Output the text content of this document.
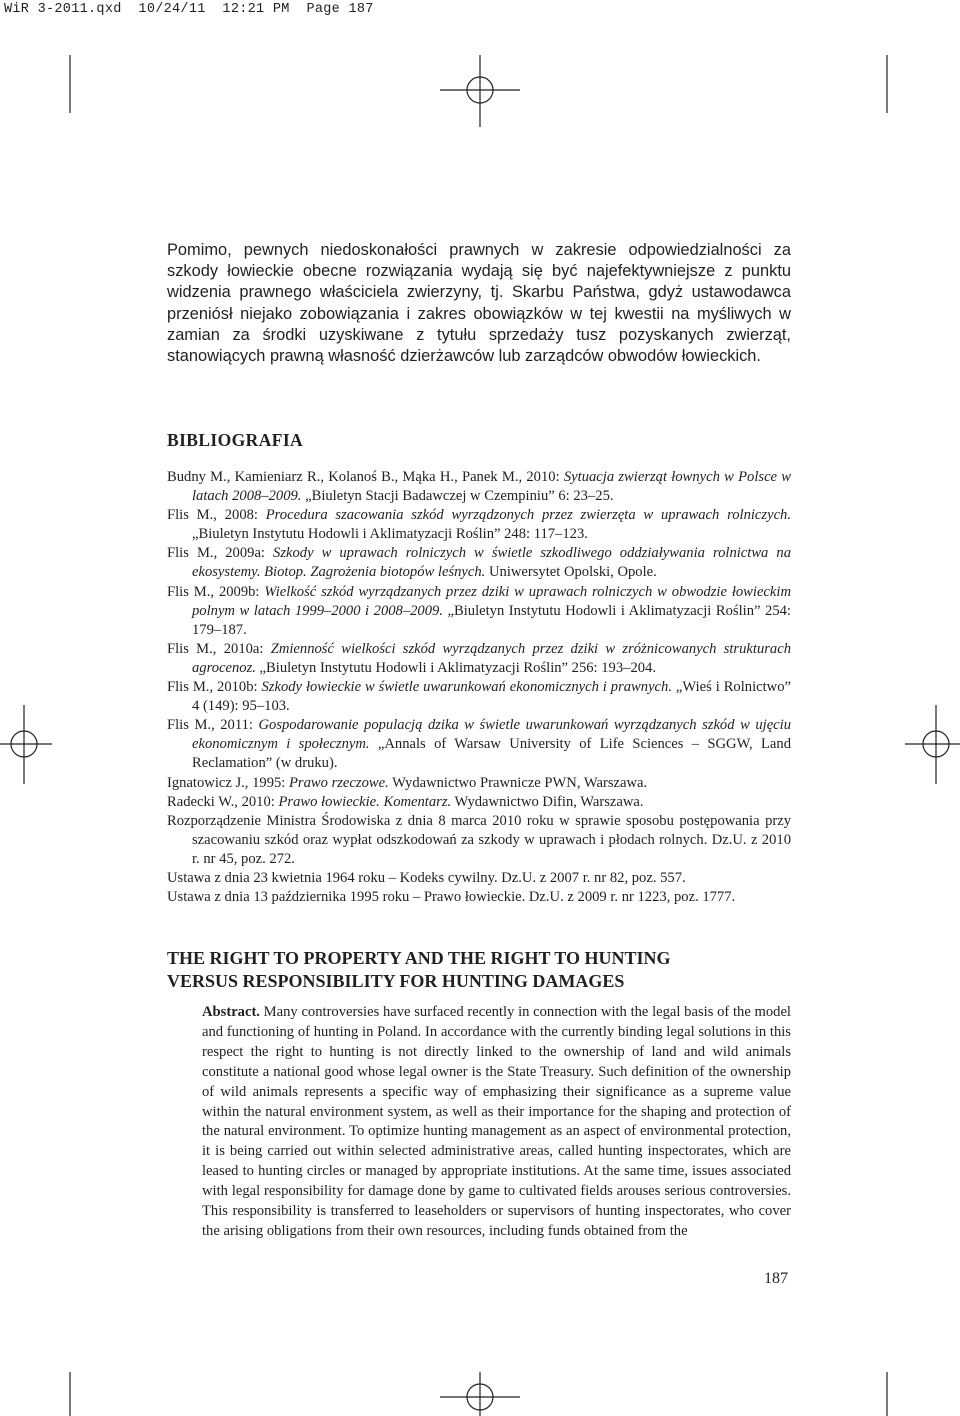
WiR 3-2011.qxd  10/24/11  12:21 PM  Page 187

Pomimo, pewnych niedoskonałości prawnych w zakresie odpowiedzialności za szkody łowieckie obecne rozwiązania wydają się być najefektywniejsze z punktu widzenia prawnego właściciela zwierzyny, tj. Skarbu Państwa, gdyż ustawodawca przeniósł niejako zobowiązania i zakres obowiązków w tej kwestii na myśliwych w zamian za środki uzyskiwane z tytułu sprzedaży tusz pozyskanych zwierząt, stanowiących prawną własność dzierżawców lub zarządców obwodów łowieckich.

BIBLIOGRAFIA

Budny M., Kamieniarz R., Kolanoś B., Mąka H., Panek M., 2010: Sytuacja zwierząt łownych w Polsce w latach 2008–2009. „Biuletyn Stacji Badawczej w Czempiniu” 6: 23–25.

Flis M., 2008: Procedura szacowania szkód wyrządzonych przez zwierzęta w uprawach rolniczych. „Biuletyn Instytutu Hodowli i Aklimatyzacji Roślin” 248: 117–123.

Flis M., 2009a: Szkody w uprawach rolniczych w świetle szkodliwego oddziaływania rolnictwa na ekosystemy. Biotop. Zagrożenia biotopów leśnych. Uniwersytet Opolski, Opole.

Flis M., 2009b: Wielkość szkód wyrządzanych przez dziki w uprawach rolniczych w obwodzie łowieckim polnym w latach 1999–2000 i 2008–2009. „Biuletyn Instytutu Hodowli i Aklimatyzacji Roślin” 254: 179–187.

Flis M., 2010a: Zmienność wielkości szkód wyrządzanych przez dziki w zróżnicowanych strukturach agrocenoz. „Biuletyn Instytutu Hodowli i Aklimatyzacji Roślin” 256: 193–204.

Flis M., 2010b: Szkody łowieckie w świetle uwarunkowań ekonomicznych i prawnych. „Wieś i Rolnictwo” 4 (149): 95–103.

Flis M., 2011: Gospodarowanie populacją dzika w świetle uwarunkowań wyrządzanych szkód w ujęciu ekonomicznym i społecznym. „Annals of Warsaw University of Life Sciences – SGGW, Land Reclamation” (w druku).

Ignatowicz J., 1995: Prawo rzeczowe. Wydawnictwo Prawnicze PWN, Warszawa.

Radecki W., 2010: Prawo łowieckie. Komentarz. Wydawnictwo Difin, Warszawa.

Rozporządzenie Ministra Środowiska z dnia 8 marca 2010 roku w sprawie sposobu postępowania przy szacowaniu szkód oraz wypłat odszkodowań za szkody w uprawach i płodach rolnych. Dz.U. z 2010 r. nr 45, poz. 272.

Ustawa z dnia 23 kwietnia 1964 roku – Kodeks cywilny. Dz.U. z 2007 r. nr 82, poz. 557.

Ustawa z dnia 13 października 1995 roku – Prawo łowieckie. Dz.U. z 2009 r. nr 1223, poz. 1777.

THE RIGHT TO PROPERTY AND THE RIGHT TO HUNTING
VERSUS RESPONSIBILITY FOR HUNTING DAMAGES

Abstract. Many controversies have surfaced recently in connection with the legal basis of the model and functioning of hunting in Poland. In accordance with the currently binding legal solutions in this respect the right to hunting is not directly linked to the ownership of land and wild animals constitute a national good whose legal owner is the State Treasury. Such definition of the ownership of wild animals represents a specific way of emphasizing their significance as a supreme value within the natural environment system, as well as their importance for the shaping and protection of the natural environment. To optimize hunting management as an aspect of environmental protection, it is being carried out within selected administrative areas, called hunting inspectorates, which are leased to hunting circles or managed by appropriate institutions. At the same time, issues associated with legal responsibility for damage done by game to cultivated fields arouses serious controversies. This responsibility is transferred to leaseholders or supervisors of hunting inspectorates, who cover the arising obligations from their own resources, including funds obtained from the

187
